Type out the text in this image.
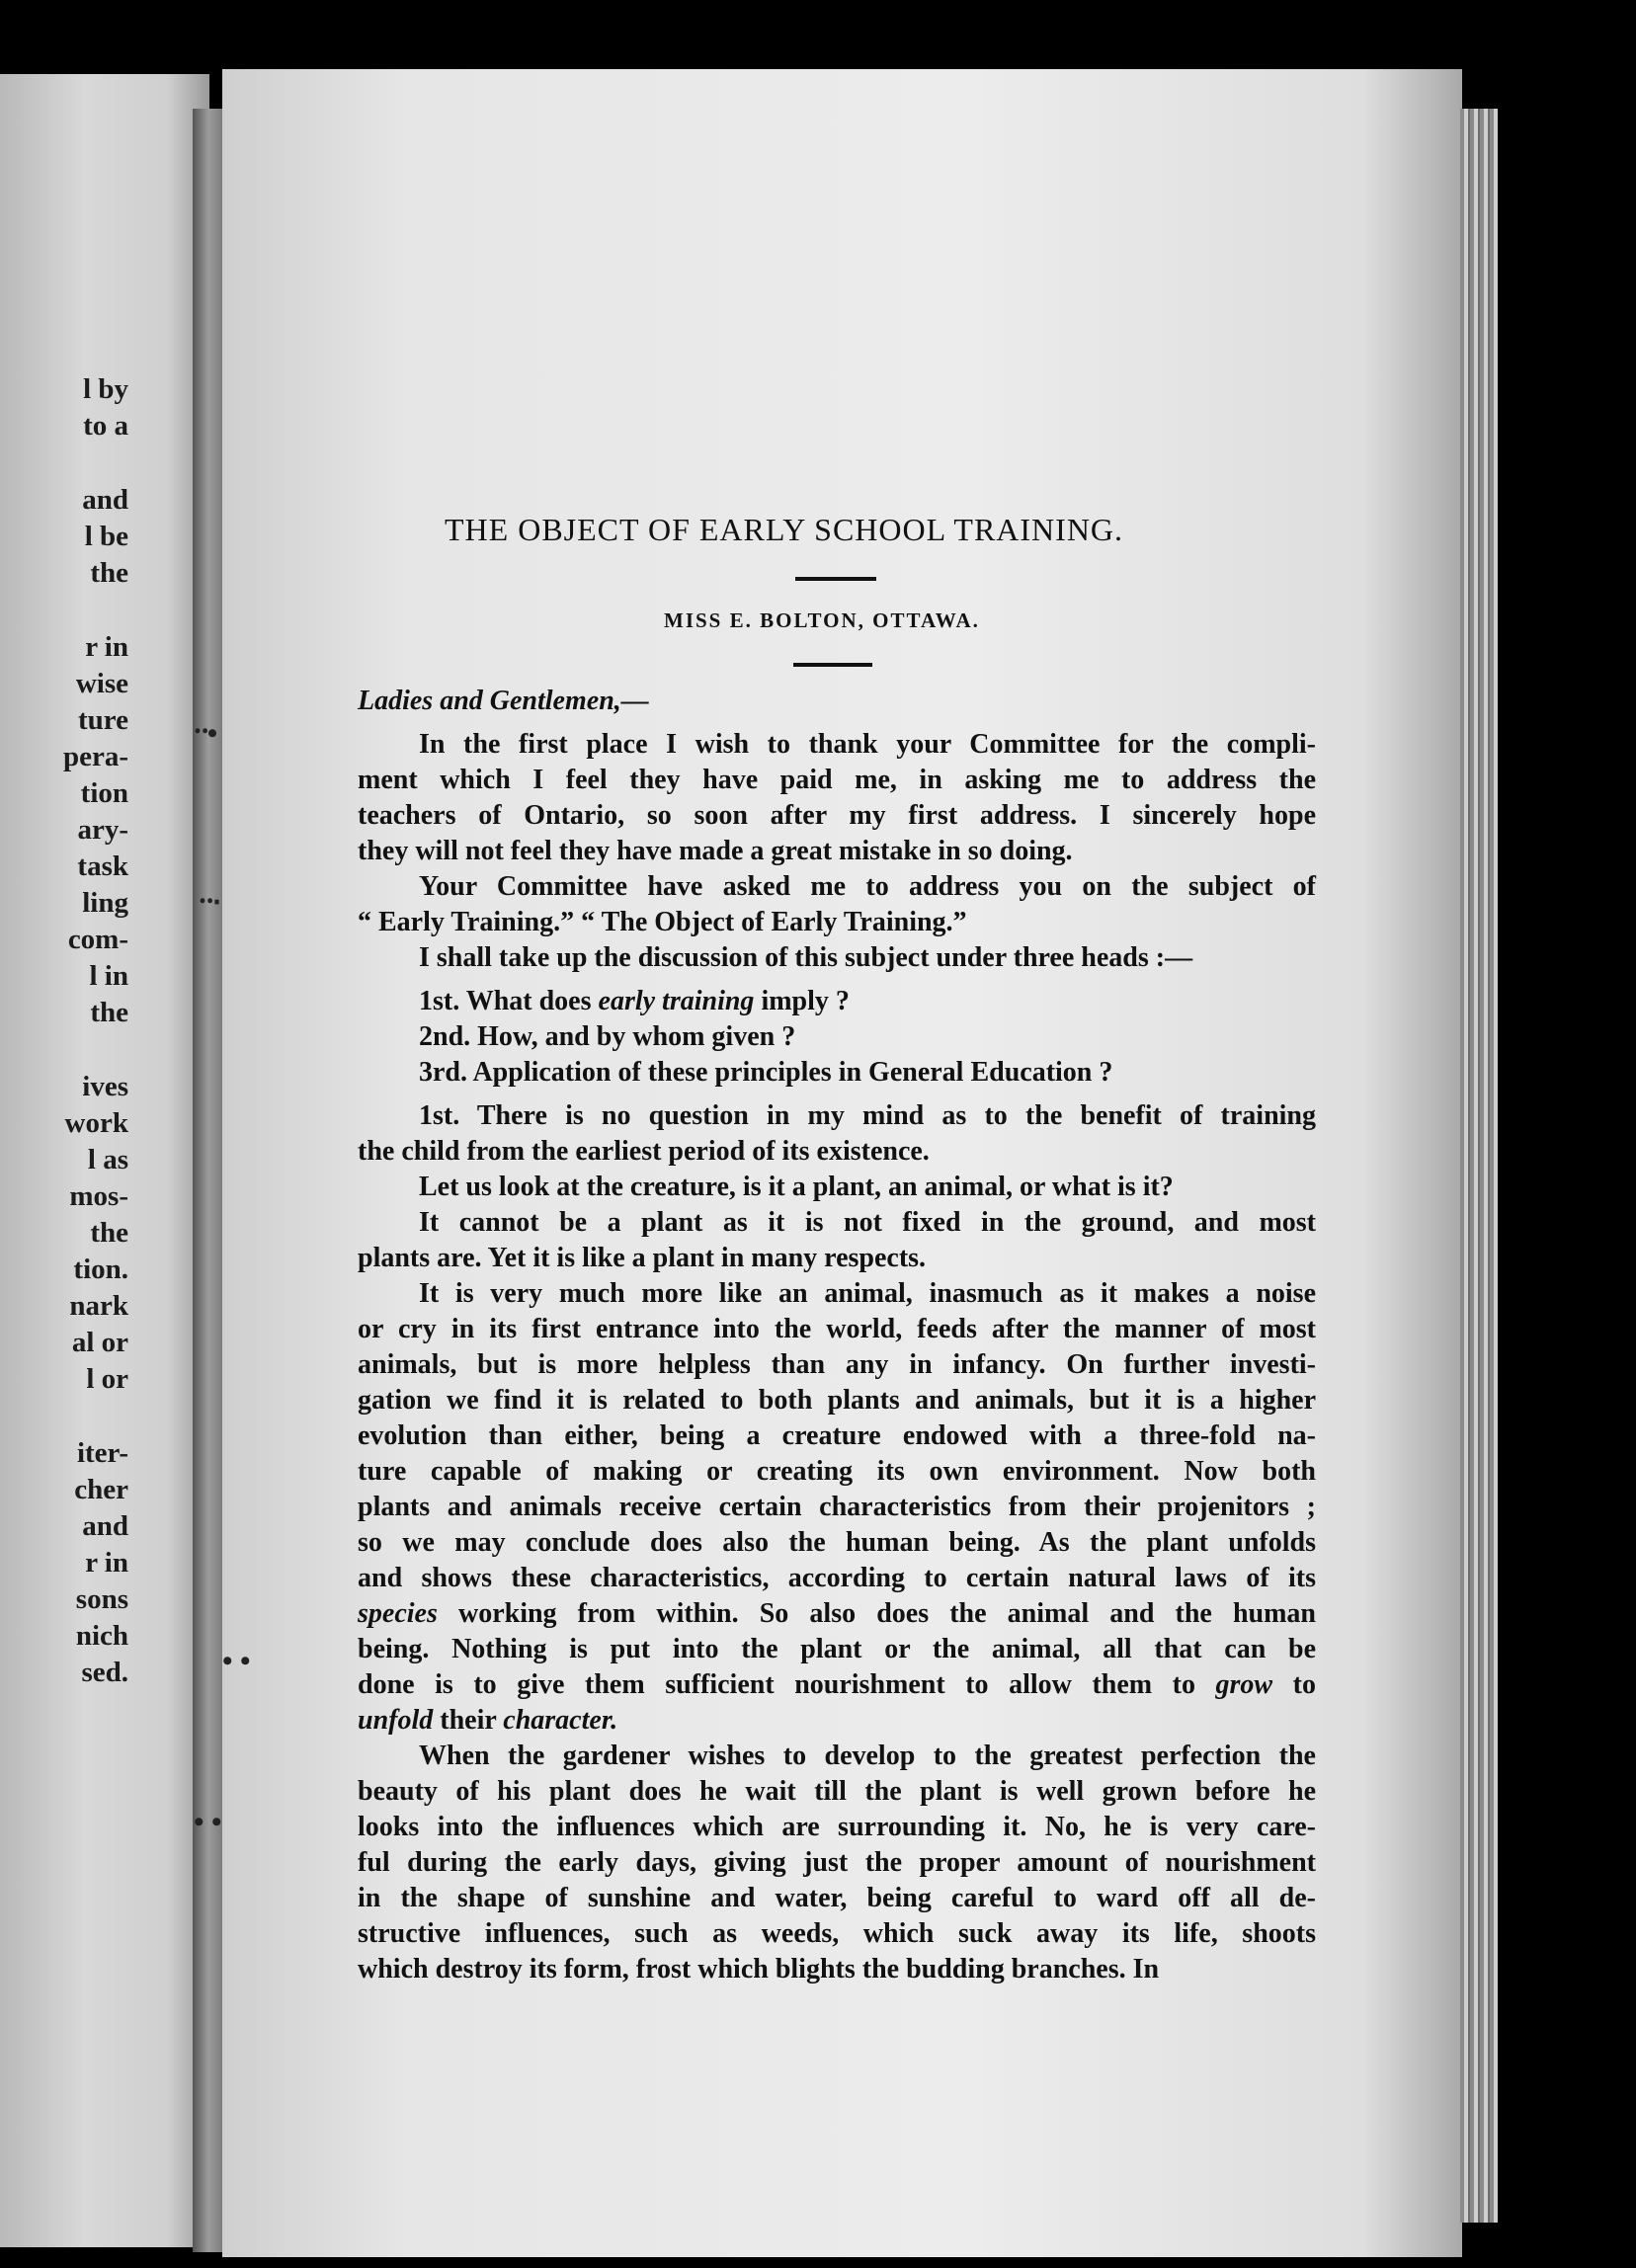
l by
to a
and
l be
the
r in
wise
ture
pera-
tion
ary-
task
ling
com-
l in
the
ives
work
l as
mos-
the
tion.
nark
al or
l or
iter-
cher
and
r in
sons
nich
sed.
᠃•
᠃‧
• •
• •
THE OBJECT OF EARLY SCHOOL TRAINING.
MISS E. BOLTON, OTTAWA.
Ladies and Gentlemen,—
In the first place I wish to thank your Committee for the compli-
ment which I feel they have paid me, in asking me to address the
teachers of Ontario, so soon after my first address. I sincerely hope
they will not feel they have made a great mistake in so doing.
Your Committee have asked me to address you on the subject of
“ Early Training.” “ The Object of Early Training.”
I shall take up the discussion of this subject under three heads :—
1st. What does early training imply ?
2nd. How, and by whom given ?
3rd. Application of these principles in General Education ?
1st. There is no question in my mind as to the benefit of training
the child from the earliest period of its existence.
Let us look at the creature, is it a plant, an animal, or what is it?
It cannot be a plant as it is not fixed in the ground, and most
plants are. Yet it is like a plant in many respects.
It is very much more like an animal, inasmuch as it makes a noise
or cry in its first entrance into the world, feeds after the manner of most
animals, but is more helpless than any in infancy. On further investi-
gation we find it is related to both plants and animals, but it is a higher
evolution than either, being a creature endowed with a three-fold na-
ture capable of making or creating its own environment. Now both
plants and animals receive certain characteristics from their projenitors ;
so we may conclude does also the human being. As the plant unfolds
and shows these characteristics, according to certain natural laws of its
species working from within. So also does the animal and the human
being. Nothing is put into the plant or the animal, all that can be
done is to give them sufficient nourishment to allow them to grow to
unfold their character.
When the gardener wishes to develop to the greatest perfection the
beauty of his plant does he wait till the plant is well grown before he
looks into the influences which are surrounding it. No, he is very care-
ful during the early days, giving just the proper amount of nourishment
in the shape of sunshine and water, being careful to ward off all de-
structive influences, such as weeds, which suck away its life, shoots
which destroy its form, frost which blights the budding branches. In
